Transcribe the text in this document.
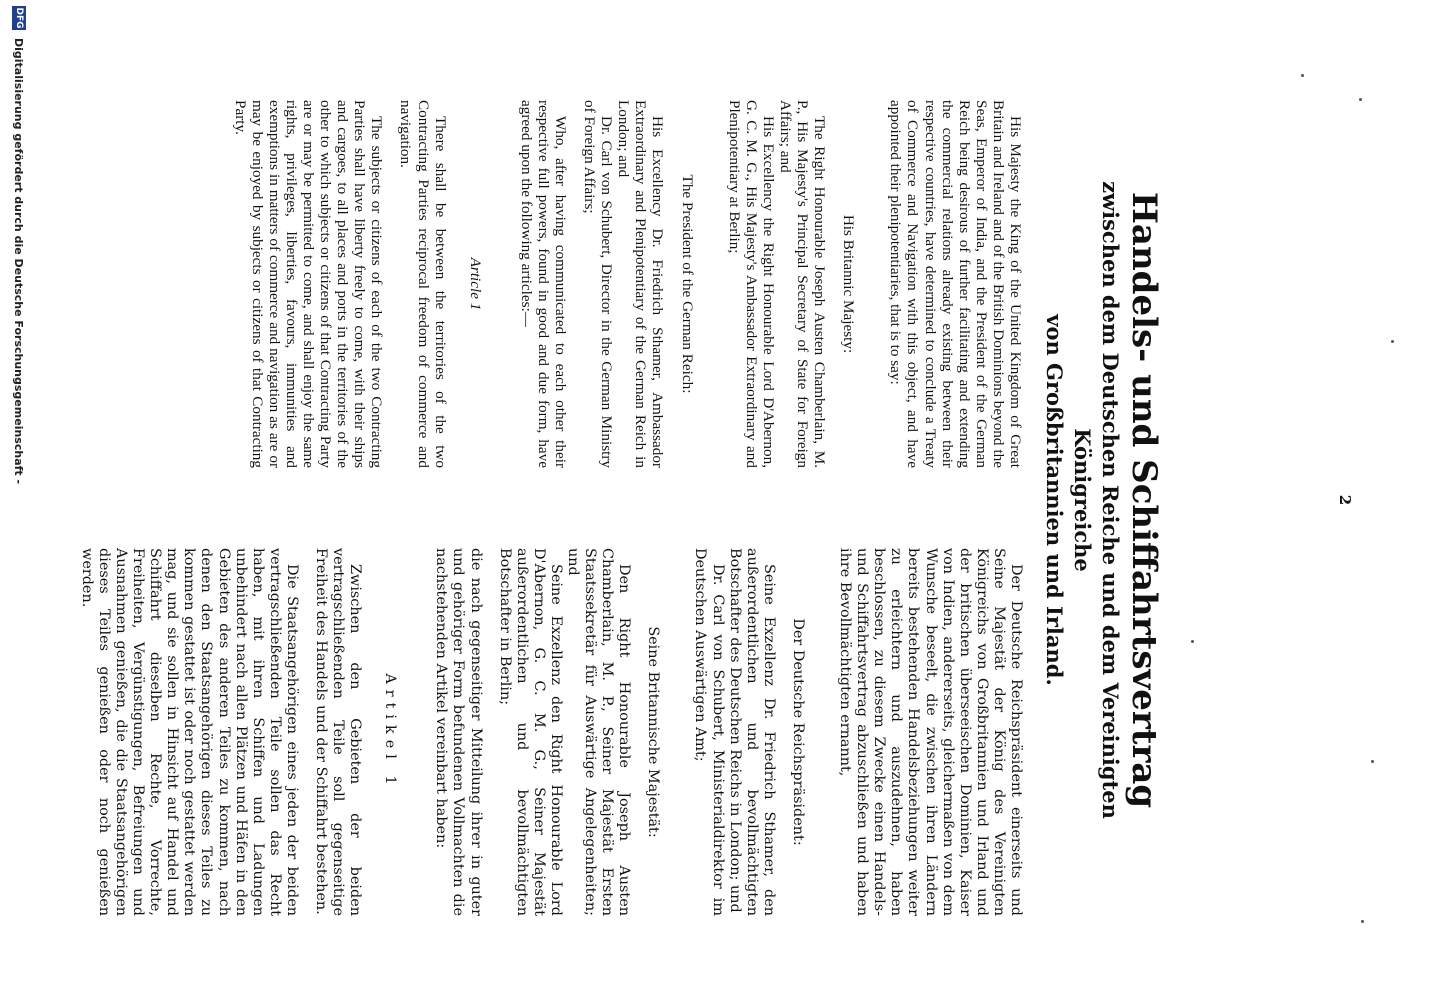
2
Handels- und Schiffahrtsvertrag
zwischen dem Deutschen Reiche und dem Vereinigten Königreiche
von Großbritannien und Irland.

His Majesty the King of the United Kingdom of Great Britain and Ireland and of the British Dominions beyond the Seas, Emperor of India, and the President of the German Reich being desirous of further facilitating and extending the commercial relations already existing between their respective countries, have determined to conclude a Treaty of Commerce and Navigation with this object, and have appointed their plenipotentiaries, that is to say:

His Britannic Majesty:

The Right Honourable Joseph Austen Chamberlain, M. P., His Majesty's Principal Secretary of State for Foreign Affairs; and

His Excellency the Right Honourable Lord D'Abernon, G. C. M. G., His Majesty's Ambassador Extraordinary and Plenipotentiary at Berlin;

The President of the German Reich:

His Excellency Dr. Friedrich Sthamer, Ambassador Extraordinary and Plenipotentiary of the German Reich in London; and

Dr. Carl von Schubert, Director in the German Ministry of Foreign Affairs;

Who, after having communicated to each other their respective full powers, found in good and due form, have agreed upon the following articles:—

Article 1

There shall be between the territories of the two Contracting Parties reciprocal freedom of commerce and navigation.

The subjects or citizens of each of the two Contracting Parties shall have liberty freely to come, with their ships and cargoes, to all places and ports in the territories of the other to which subjects or citizens of that Contracting Party are or may be permitted to come, and shall enjoy the same rights, privileges, liberties, favours, immunities and exemptions in matters of commerce and navigation as are or may be enjoyed by subjects or citizens of that Contracting Party.

Der Deutsche Reichspräsident einerseits und Seine Majestät der König des Vereinigten Königreichs von Großbritannien und Irland und der britischen überseeischen Dominien, Kaiser von Indien, andererseits, gleichermaßen von dem Wunsche beseelt, die zwischen ihren Ländern bereits bestehenden Handelsbeziehungen weiter zu erleichtern und auszudehnen, haben beschlossen, zu diesem Zwecke einen Handels- und Schiffahrtsvertrag abzuschließen und haben ihre Bevollmächtigten ernannt,

Der Deutsche Reichspräsident:

Seine Exzellenz Dr. Friedrich Sthamer, den außerordentlichen und bevollmächtigten Botschafter des Deutschen Reichs in London; und

Dr. Carl von Schubert, Ministerialdirektor im Deutschen Auswärtigen Amt;

Seine Britannische Majestät:

Den Right Honourable Joseph Austen Chamberlain, M. P., Seiner Majestät Ersten Staatssekretär für Auswärtige Angelegenheiten; und

Seine Exzellenz den Right Honourable Lord D'Abernon, G. C. M. G., Seiner Majestät außerordentlichen und bevollmächtigten Botschafter in Berlin;

die nach gegenseitiger Mitteilung ihrer in guter und gehöriger Form befundenen Vollmachten die nachstehenden Artikel vereinbart haben:

Artikel 1

Zwischen den Gebieten der beiden vertragschließenden Teile soll gegenseitige Freiheit des Handels und der Schiffahrt bestehen.

Die Staatsangehörigen eines jeden der beiden vertragschließenden Teile sollen das Recht haben, mit ihren Schiffen und Ladungen unbehindert nach allen Plätzen und Häfen in den Gebieten des anderen Teiles zu kommen, nach denen den Staatsangehörigen dieses Teiles zu kommen gestattet ist oder noch gestattet werden mag, und sie sollen in Hinsicht auf Handel und Schiffahrt dieselben Rechte, Vorrechte, Freiheiten, Vergünstigungen, Befreiungen und Ausnahmen genießen, die die Staatsangehörigen dieses Teiles genießen oder noch genießen werden.

DFG
Digitalisierung gefördert durch die Deutsche Forschungsgemeinschaft -
